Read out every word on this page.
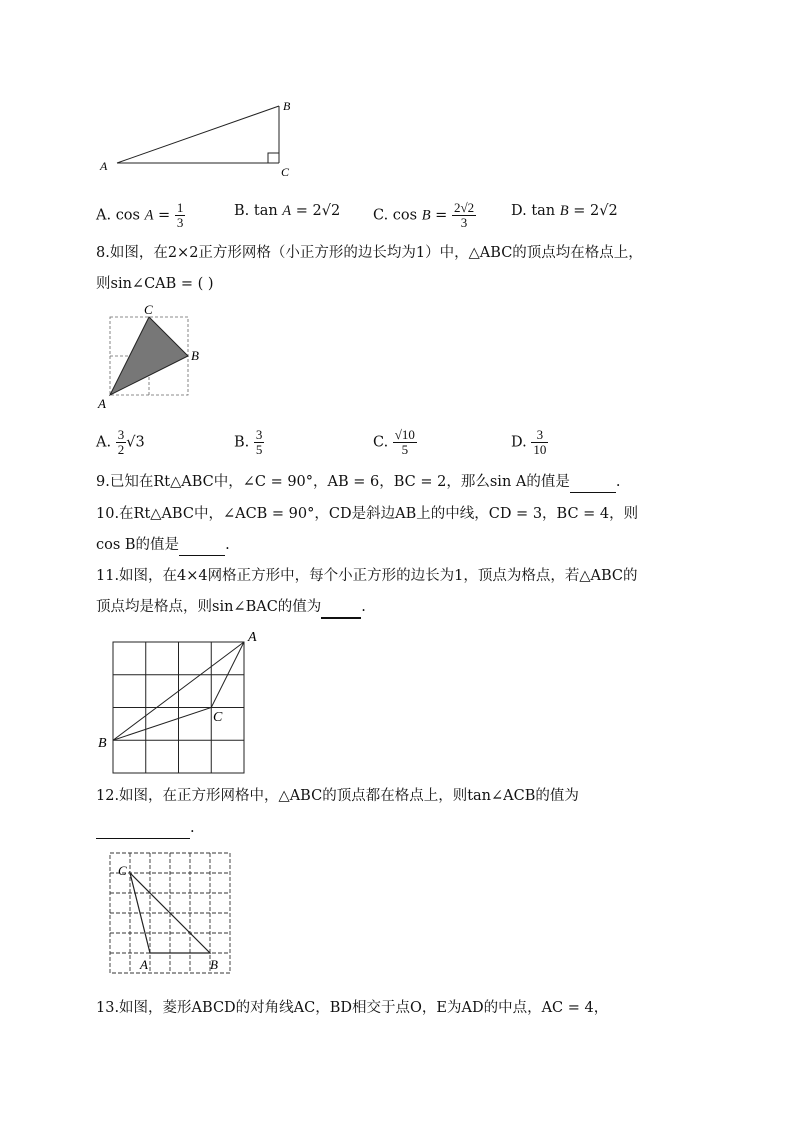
A
B
C
A. $\cos A = \frac{1}{3}$	B. tan A = 2√2 C. $\cos B = \frac{2√2}{3} D$. tan B = 2√2
8.如图，在2×2正方形网格（小正方形的边长均为1）中，△ABC的顶点均在格点上，
则sin∠CAB = ( )
A
B
C
A. $\frac{3}{2} √3$	B. $\frac{3}{5}$	C. $\frac{√10}{5}$	D. $\frac{3}{10}$
9.已知在Rt△ABC中，∠C = 90°，AB = 6，BC = 2，那么sin A的值是	.
10.在Rt△ABC中，∠ACB = 90°，CD是斜边AB上的中线，CD = 3，BC = 4，则
cos B的值是	.
11.如图，在4×4网格正方形中，每个小正方形的边长为1，顶点为格点，若△ABC的
顶点均是格点，则sin∠BAC的值为	.
A
B
C
12.如图，在正方形网格中，△ABC的顶点都在格点上，则tan∠ACB的值为
.
C
A	B
13.如图，菱形ABCD的对角线AC，BD相交于点O，E为AD的中点，AC = 4，
